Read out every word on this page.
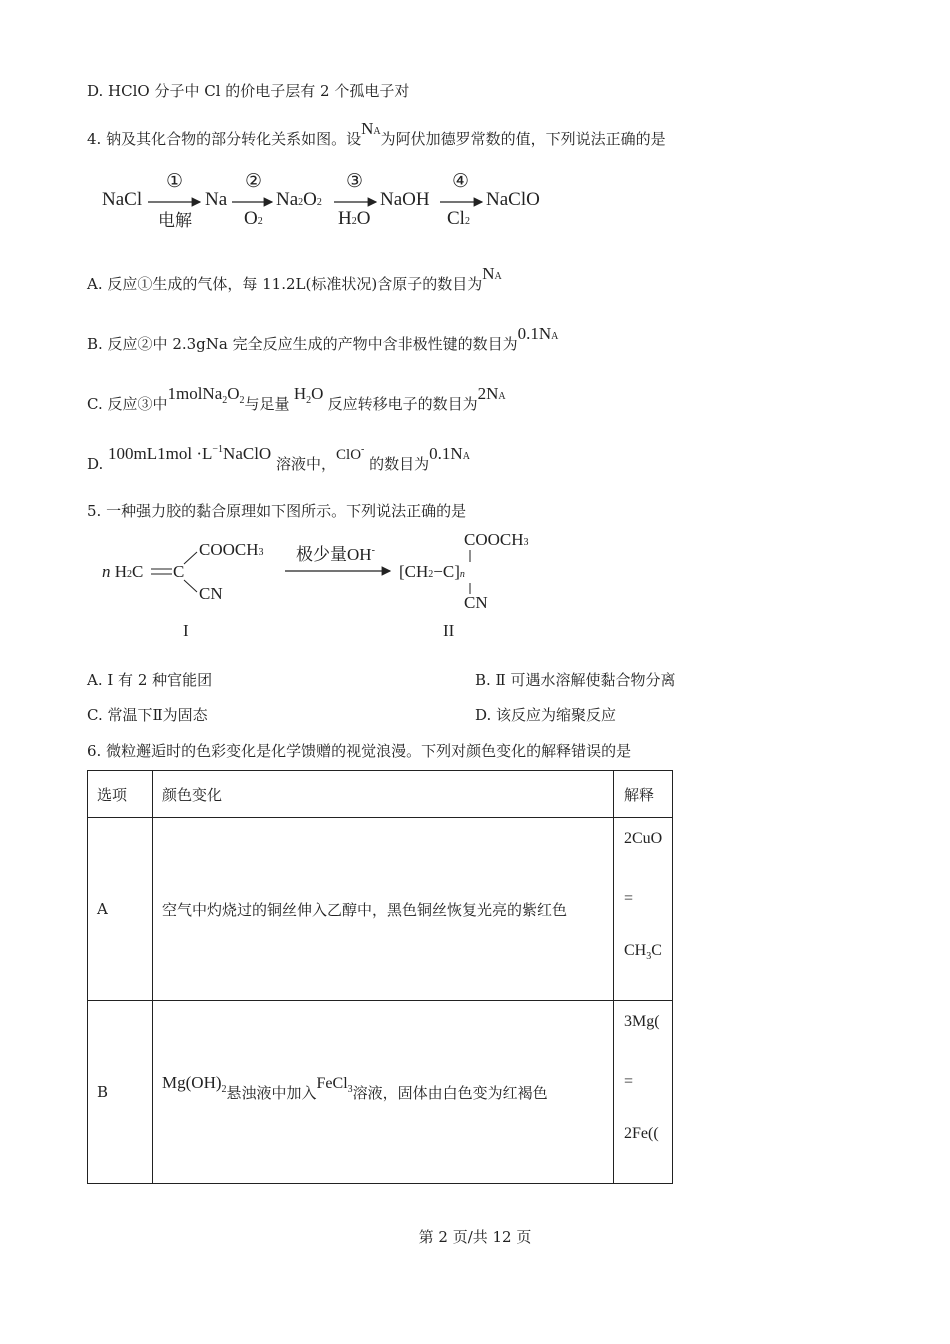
D. HClO 分子中 Cl 的价电子层有 2 个孤电子对
4. 钠及其化合物的部分转化关系如图。设NA为阿伏加德罗常数的值，下列说法正确的是
NaCl
①
电解
Na
②
O2
Na2O2
③
H2O
NaOH
④
Cl2
NaClO
A. 反应①生成的气体，每 11.2L(标准状况)含原子的数目为NA
B. 反应②中 2.3gNa 完全反应生成的产物中含非极性键的数目为0.1NA
C. 反应③中$1molNa_2O_2$与足量 $H_2O$ 反应转移电子的数目为2NA
D. $100mL1mol \cdot L^{-1}NaClO$ 溶液中，ClO- 的数目为0.1NA
5. 一种强力胶的黏合原理如下图所示。下列说法正确的是
n H2C C
COOCH3
CN
极少量OH-
[CH2−C]n
COOCH3
CN
I	II
A. Ⅰ 有 2 种官能团	B. Ⅱ 可遇水溶解使黏合物分离
C. 常温下Ⅱ为固态	D. 该反应为缩聚反应
6. 微粒邂逅时的色彩变化是化学馈赠的视觉浪漫。下列对颜色变化的解释错误的是
选项	颜色变化	解释
A	空气中灼烧过的铜丝伸入乙醇中，黑色铜丝恢复光亮的紫红色	2CuO
=
$CH_3C$

B	$Mg(OH)_2$悬浊液中加入FeCl$_3$溶液，固体由白色变为红褐色	3Mg(
=
2Fe((
第 2 页/共 12 页
